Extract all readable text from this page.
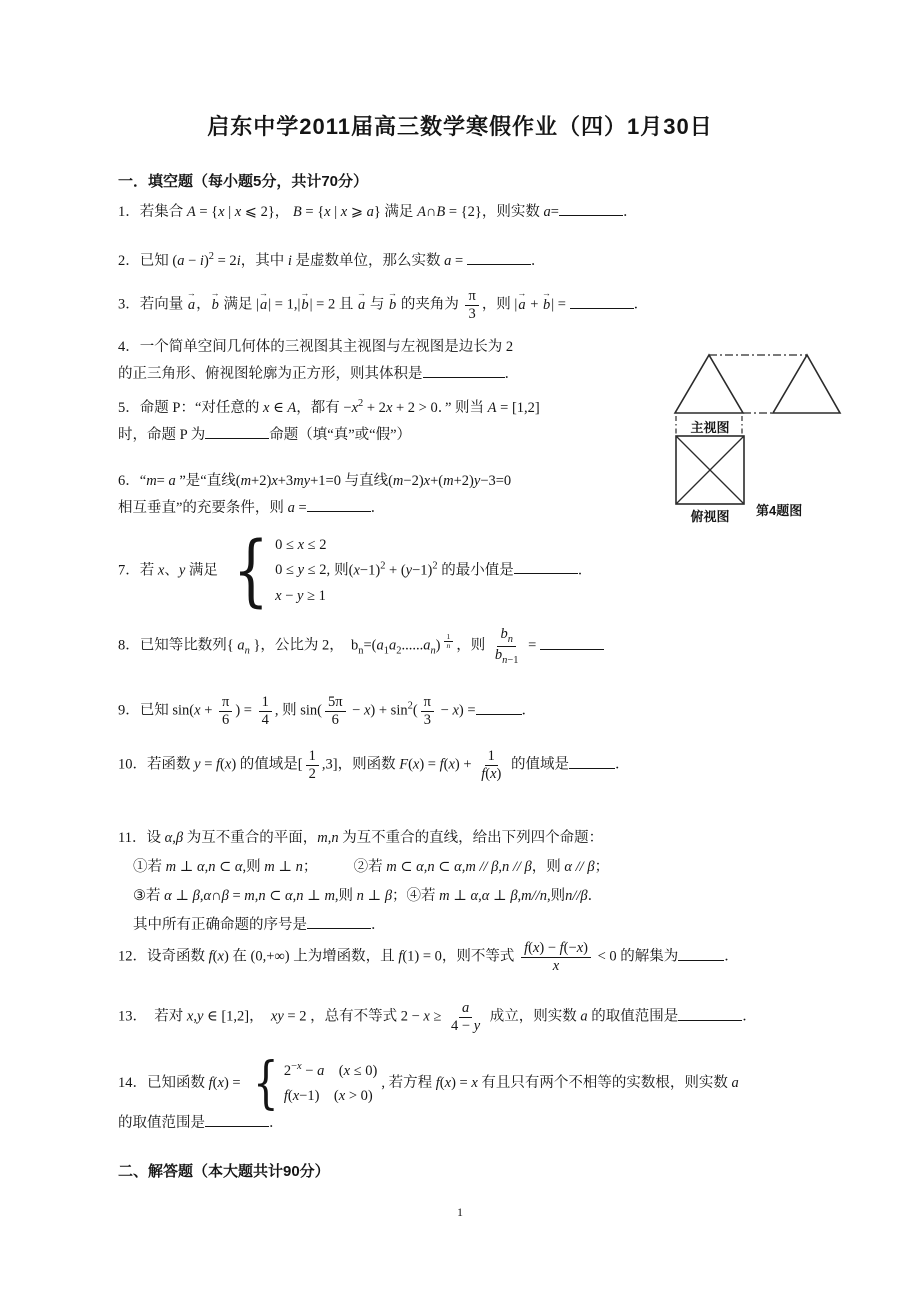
启东中学2011届高三数学寒假作业（四）1月30日
一．填空题（每小题5分，共计70分）
1．若集合 A = {x | x ⩽ 2}， B = {x | x ⩾ a} 满足 A∩B = {2}，则实数 a=	．
2．已知 $(a - i)^2 = 2i$，其中 i 是虚数单位，那么实数 a =	．
3．若向量 → a，→ b 满足 |→ a| = 1,|→ b| = 2 且 → a 与 → b 的夹角为 $\frac{\pi}{3}$ ，则 |→ a + → b| =	．
4．一个简单空间几何体的三视图其主视图与左视图是边长为 2
的正三角形、俯视图轮廓为正方形，则其体积是	．
5．命题 P：“对任意的 x ∈ A，都有 $-x^2 + 2x + 2 > 0$．” 则当 A = [1,2]
时，命题 P 为	命题（填“真”或“假”）
6．“m= a ”是“直线(m+2)x+3my+1=0 与直线(m−2)x+(m+2)y−3=0
相互垂直”的充要条件，则 a =	．
7．若 x、y 满足 { 0 ≤ x ≤ 2
0 ≤ y ≤ 2,
x − y ≥ 1
则$(x-1)^2 + (y-1)^2$ 的最小值是	．
8．已知等比数列{ $a_n$ }，公比为 2，　$b_n=(a_1a_2......a_n)$ $^{\frac{1}{n}}$ ，则 $\frac{b_n}{b_{n-1}}$ =
9．已知 $\sin(x + \frac{\pi}{6}$ ) = $\frac{1}{4}$ , 则 $\sin( \frac{5\pi}{6} - x) + \sin^2( \frac{\pi}{3} - x)$ =	．
10．若函数 y = f(x) 的值域是[ $\frac{1}{2} ,3$]，则函数 $F(x) = f(x) + \frac{1}{f(x)}$ 的值域是	．
11．设 α,β 为互不重合的平面，m,n 为互不重合的直线，给出下列四个命题：
①若 m ⊥ α,n ⊂ α,则 m ⊥ n；　　　②若 m ⊂ α,n ⊂ α,m // β,n // β，则 α // β；
③若 α ⊥ β,α∩β = m,n ⊂ α,n ⊥ m,则 n ⊥ β；④若 m ⊥ α,α ⊥ β,m//n,则n//β．
其中所有正确命题的序号是	．
12．设奇函数 f(x) 在 (0,+∞) 上为增函数，且 f(1) = 0，则不等式 $\frac{f(x) - f(-x)}{x} < 0$ 的解集为	．
13．　若对 x,y ∈ [1,2]，　xy = 2 ，总有不等式 $2 - x \ge \frac{a}{4 - y}$ 成立，则实数 a 的取值范围是	．
14．已知函数 f(x) = { $2^{-x} - a$　(x ≤ 0)
f(x−1)　(x > 0)
, 若方程 f(x) = x 有且只有两个不相等的实数根，则实数 a
的取值范围是	．
主视图
俯视图	第4题图
二、解答题（本大题共计90分）
1
